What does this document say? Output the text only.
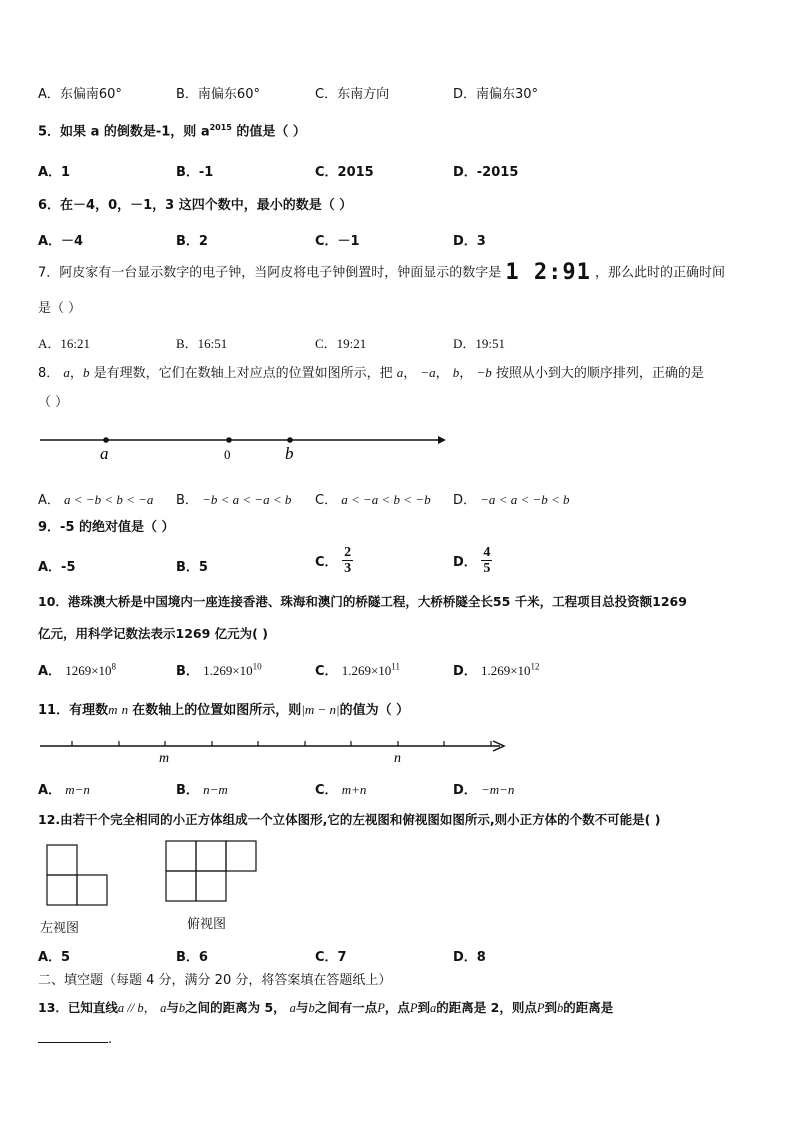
A．东偏南60°	B．南偏东60°	C．东南方向	D．南偏东30°
5．如果 a 的倒数是-1，则 $a^{2015}$ 的值是（ ）
A．1	B．-1	C．2015	D．-2015
6．在－4，0，－1，3 这四个数中，最小的数是（ ）
A．－4	B．2	C．－1	D．3
7．阿皮家有一台显示数字的电子钟，当阿皮将电子钟倒置时，钟面显示的数字是 1 2:91 ，那么此时的正确时间
是（ ）
A．16:21	B．16:51	C．19:21	D．19:51
8． a，b 是有理数，它们在数轴上对应点的位置如图所示，把 a， −a， b， −b 按照从小到大的顺序排列，正确的是
（ ）
a	0	b
A． a < −b < b < −a B． −b < a < −a < b C． a < −a < b < −b D． −a < a < −b < b
9．-5 的绝对值是（ ）
A．-5	B．5	C． $\frac{2}{3}$	D． $\frac{4}{5}$
10．港珠澳大桥是中国境内一座连接香港、珠海和澳门的桥隧工程，大桥桥隧全长55 千米，工程项目总投资额1269
亿元，用科学记数法表示1269 亿元为( )
A． $1269\times 10^8$	B． $1.269\times 10^{10}$	C． $1.269\times 10^{11}$	D． $1.269\times 10^{12}$
11．有理数m n 在数轴上的位置如图所示，则|m − n|的值为（ ）
m	n
A． m−n	B． n−m	C． m+n	D． −m−n
12.由若干个完全相同的小正方体组成一个立体图形,它的左视图和俯视图如图所示,则小正方体的个数不可能是( )
左视图	俯视图
A．5	B．6	C．7	D．8
二、填空题（每题 4 分，满分 20 分，将答案填在答题纸上）
13．已知直线a // b， a与b之间的距离为 5， a与b之间有一点P，点P到a的距离是 2，则点P到b的距离是
.
